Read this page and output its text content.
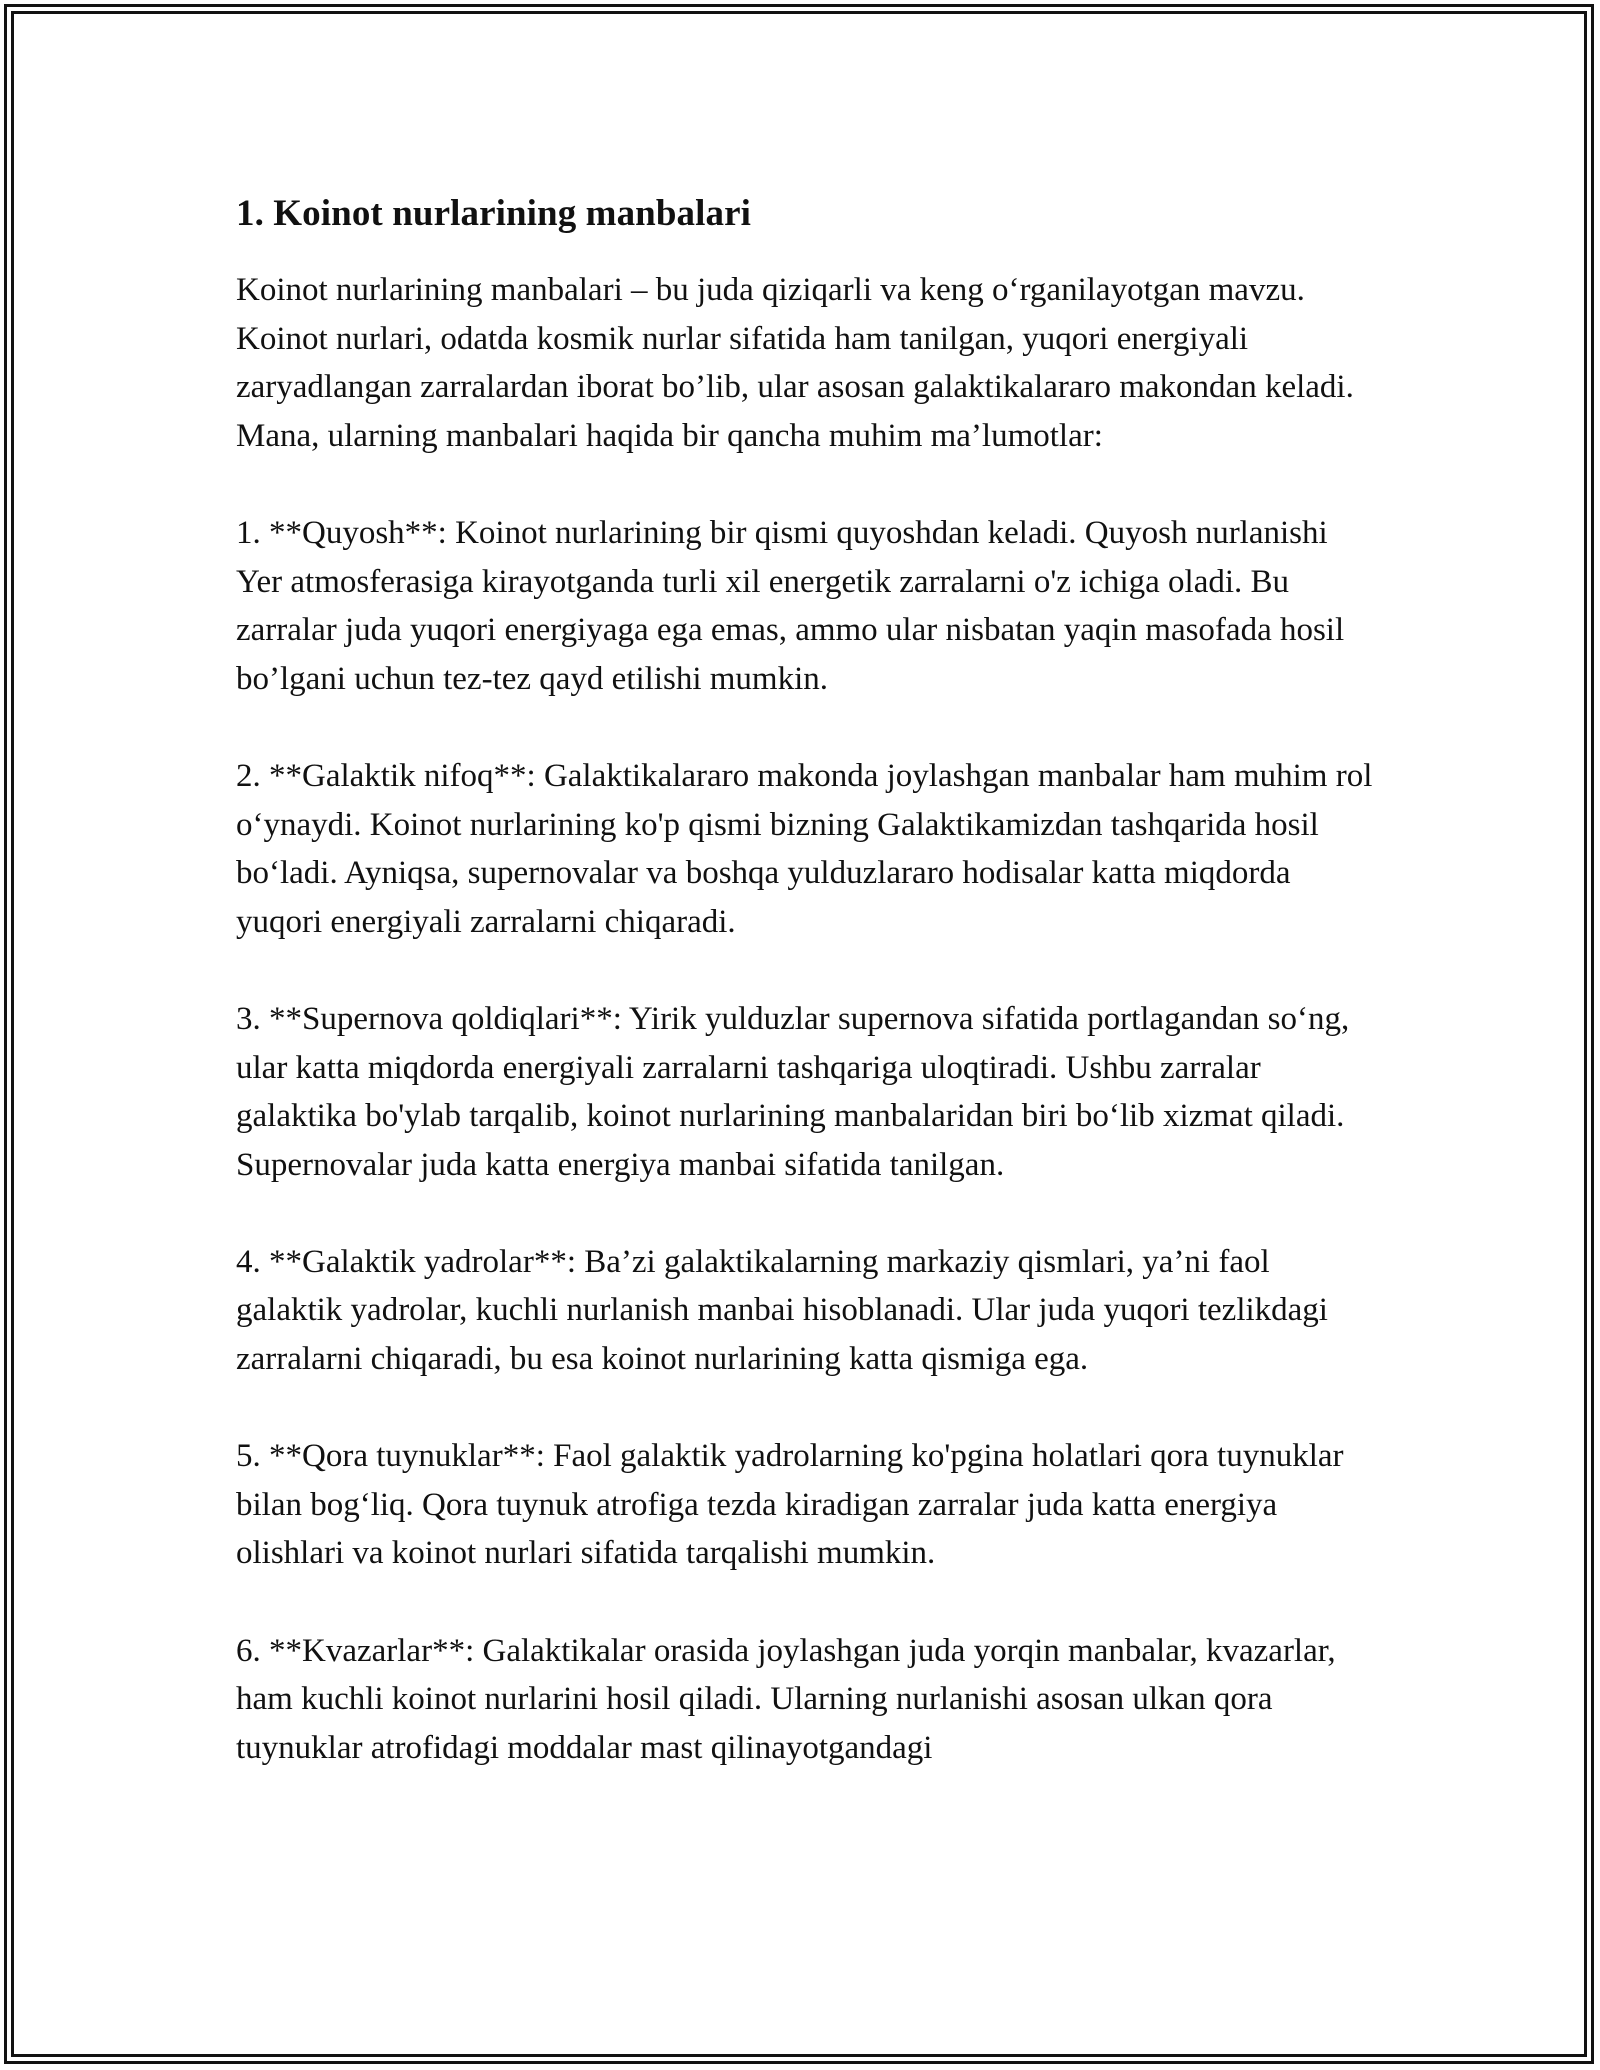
1. Koinot nurlarining manbalari

Koinot nurlarining manbalari – bu juda qiziqarli va keng o‘rganilayotgan mavzu. Koinot nurlari, odatda kosmik nurlar sifatida ham tanilgan, yuqori energiyali zaryadlangan zarralardan iborat bo’lib, ular asosan galaktikalararo makondan keladi. Mana, ularning manbalari haqida bir qancha muhim ma’lumotlar:

1. **Quyosh**: Koinot nurlarining bir qismi quyoshdan keladi. Quyosh nurlanishi Yer atmosferasiga kirayotganda turli xil energetik zarralarni o'z ichiga oladi. Bu zarralar juda yuqori energiyaga ega emas, ammo ular nisbatan yaqin masofada hosil bo’lgani uchun tez-tez qayd etilishi mumkin.

2. **Galaktik nifoq**: Galaktikalararo makonda joylashgan manbalar ham muhim rol o‘ynaydi. Koinot nurlarining ko'p qismi bizning Galaktikamizdan tashqarida hosil bo‘ladi. Ayniqsa, supernovalar va boshqa yulduzlararo hodisalar katta miqdorda yuqori energiyali zarralarni chiqaradi.

3. **Supernova qoldiqlari**: Yirik yulduzlar supernova sifatida portlagandan so‘ng, ular katta miqdorda energiyali zarralarni tashqariga uloqtiradi. Ushbu zarralar galaktika bo'ylab tarqalib, koinot nurlarining manbalaridan biri bo‘lib xizmat qiladi. Supernovalar juda katta energiya manbai sifatida tanilgan.

4. **Galaktik yadrolar**: Ba’zi galaktikalarning markaziy qismlari, ya’ni faol galaktik yadrolar, kuchli nurlanish manbai hisoblanadi. Ular juda yuqori tezlikdagi zarralarni chiqaradi, bu esa koinot nurlarining katta qismiga ega.

5. **Qora tuynuklar**: Faol galaktik yadrolarning ko'pgina holatlari qora tuynuklar bilan bog‘liq. Qora tuynuk atrofiga tezda kiradigan zarralar juda katta energiya olishlari va koinot nurlari sifatida tarqalishi mumkin.

6. **Kvazarlar**: Galaktikalar orasida joylashgan juda yorqin manbalar, kvazarlar, ham kuchli koinot nurlarini hosil qiladi. Ularning nurlanishi asosan ulkan qora tuynuklar atrofidagi moddalar mast qilinayotgandagi
